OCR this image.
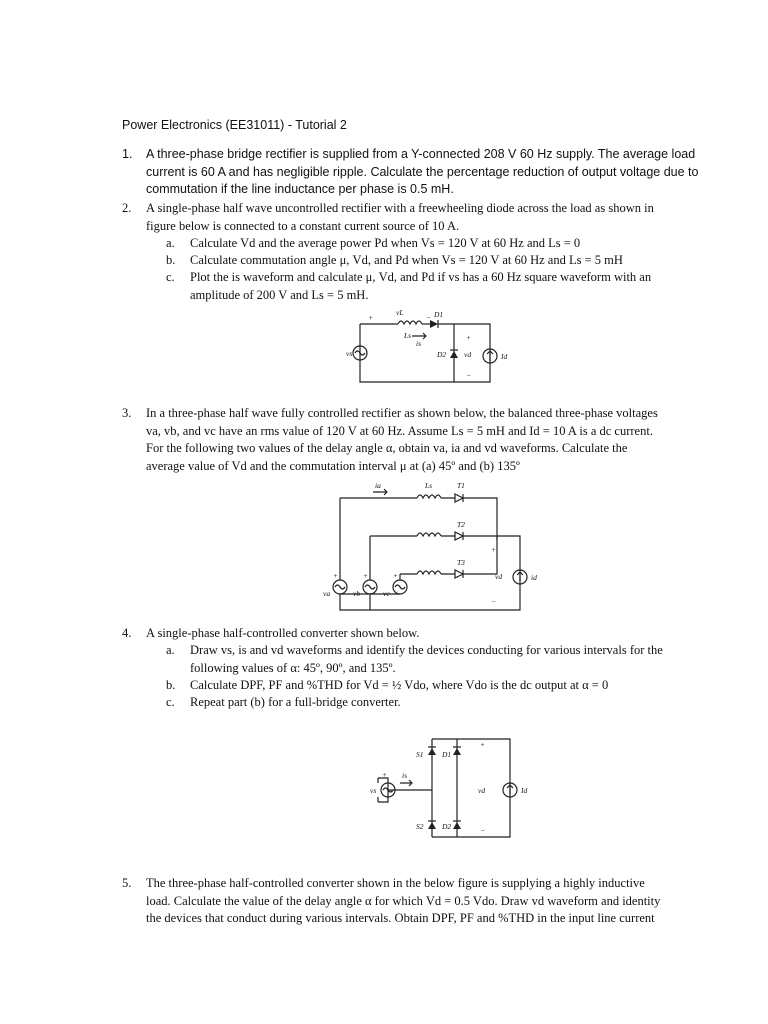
Power Electronics (EE31011) - Tutorial 2
1. A three-phase bridge rectifier is supplied from a Y-connected 208 V 60 Hz supply. The average load
current is 60 A and has negligible ripple. Calculate the percentage reduction of output voltage due to
commutation if the line inductance per phase is 0.5 mH.
2. A single-phase half wave uncontrolled rectifier with a freewheeling diode across the load as shown in
figure below is connected to a constant current source of 10 A.
a. Calculate Vd and the average power Pd when Vs = 120 V at 60 Hz and Ls = 0
b. Calculate commutation angle μ, Vd, and Pd when Vs = 120 V at 60 Hz and Ls = 5 mH
c. Plot the is waveform and calculate μ, Vd, and Pd if vs has a 60 Hz square waveform with an
amplitude of 200 V and Ls = 5 mH.
+
vL
−
Ls
is
D1
D2 vd	Id
vs
+
−
3. In a three-phase half wave fully controlled rectifier as shown below, the balanced three-phase voltages
va, vb, and vc have an rms value of 120 V at 60 Hz. Assume Ls = 5 mH and Id = 10 A is a dc current.
For the following two values of the delay angle α, obtain va, ia and vd waveforms. Calculate the
average value of Vd and the commutation interval μ at (a) 45º and (b) 135º
ia	Ls	T1
T2
T3
vd	id
va	vb	vc
+	+	+
+
−
4. A single-phase half-controlled converter shown below.
a. Draw vs, is and vd waveforms and identify the devices conducting for various intervals for the
following values of α: 45º, 90º, and 135º.
b. Calculate DPF, PF and %THD for Vd = ½ Vdo, where Vdo is the dc output at α = 0
c. Repeat part (b) for a full-bridge converter.
S1 D1
S2 D2
vs
is
vd	Id
+
+
−
5. The three-phase half-controlled converter shown in the below figure is supplying a highly inductive
load. Calculate the value of the delay angle α for which Vd = 0.5 Vdo. Draw vd waveform and identity
the devices that conduct during various intervals. Obtain DPF, PF and %THD in the input line current
